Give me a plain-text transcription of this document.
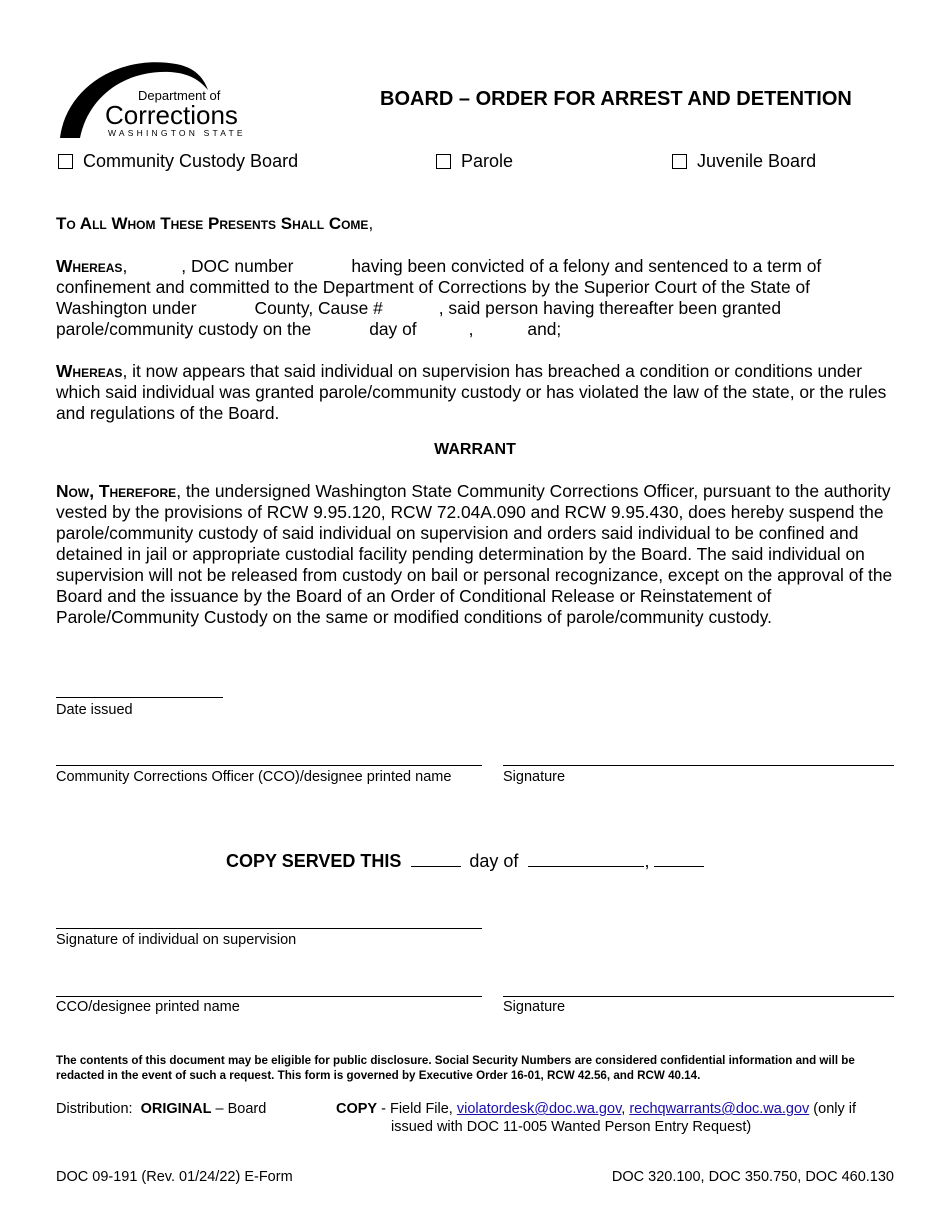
Department of
Corrections
WASHINGTON STATE
BOARD – ORDER FOR ARREST AND DETENTION
Community Custody Board	Parole	Juvenile Board
To All Whom These Presents Shall Come,
Whereas,	, DOC number	having been convicted of a felony and sentenced to a term of confinement and committed to the Department of Corrections by the Superior Court of the State of Washington under	County, Cause #	, said person having thereafter been granted parole/community custody on the	day of	,	and;
Whereas, it now appears that said individual on supervision has breached a condition or conditions under which said individual was granted parole/community custody or has violated the law of the state, or the rules and regulations of the Board.
WARRANT
Now, Therefore, the undersigned Washington State Community Corrections Officer, pursuant to the authority vested by the provisions of RCW 9.95.120, RCW 72.04A.090 and RCW 9.95.430, does hereby suspend the parole/community custody of said individual on supervision and orders said individual to be confined and detained in jail or appropriate custodial facility pending determination by the Board. The said individual on supervision will not be released from custody on bail or personal recognizance, except on the approval of the Board and the issuance by the Board of an Order of Conditional Release or Reinstatement of Parole/Community Custody on the same or modified conditions of parole/community custody.
Date issued
Community Corrections Officer (CCO)/designee printed name	Signature
COPY SERVED THIS	day of	,
Signature of individual on supervision
CCO/designee printed name	Signature
The contents of this document may be eligible for public disclosure. Social Security Numbers are considered confidential information and will be redacted in the event of such a request. This form is governed by Executive Order 16-01, RCW 42.56, and RCW 40.14.
Distribution: ORIGINAL – Board	COPY - Field File, violatordesk@doc.wa.gov, rechqwarrants@doc.wa.gov (only if
issued with DOC 11-005 Wanted Person Entry Request)
DOC 09-191 (Rev. 01/24/22) E-Form	DOC 320.100, DOC 350.750, DOC 460.130
